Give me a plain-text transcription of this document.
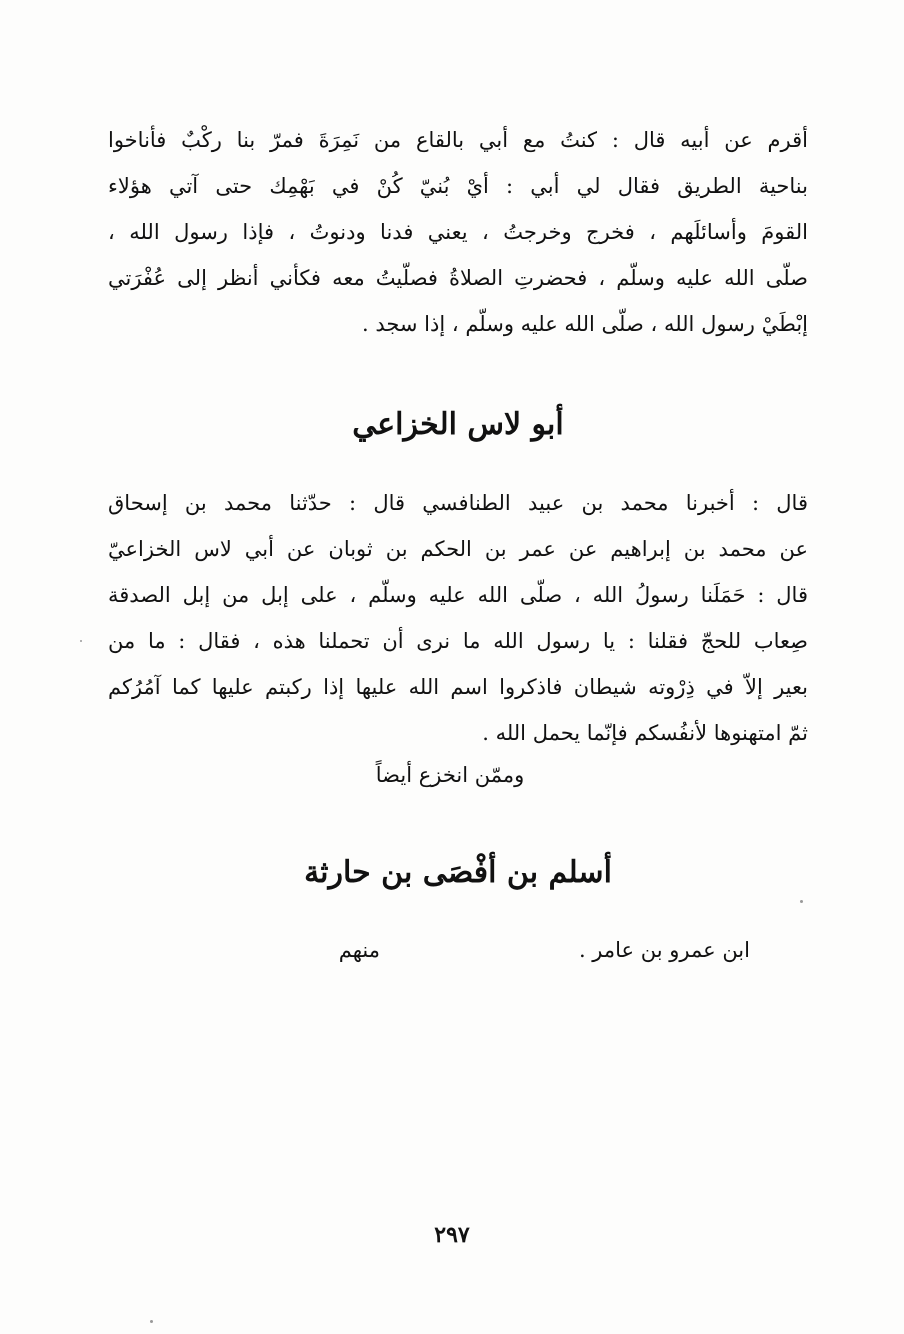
أقرم عن أبيه قال : كنتُ مع أبي بالقاع من نَمِرَةَ فمرّ بنا ركْبٌ فأناخوا
بناحية الطريق فقال لي أبي : أيْ بُنيّ كُنْ في بَهْمِك حتى آتي هؤلاء
القومَ وأسائلَهم ، فخرج وخرجتُ ، يعني فدنا ودنوتُ ، فإذا رسول الله ،
صلّى الله عليه وسلّم ، فحضرتِ الصلاةُ فصلّيتُ معه فكأني أنظر إلى عُفْرَتي
إبْطَيْ رسول الله ، صلّى الله عليه وسلّم ، إذا سجد .
أبو لاس الخزاعي
قال : أخبرنا محمد بن عبيد الطنافسي قال : حدّثنا محمد بن إسحاق
عن محمد بن إبراهيم عن عمر بن الحكم بن ثوبان عن أبي لاس الخزاعيّ
قال : حَمَلَنا رسولُ الله ، صلّى الله عليه وسلّم ، على إبل من إبل الصدقة
صِعاب للحجّ فقلنا : يا رسول الله ما نرى أن تحملنا هذه ، فقال : ما من
بعير إلاّ في ذِرْوته شيطان فاذكروا اسم الله عليها إذا ركبتم عليها كما آمُرُكم
ثمّ امتهنوها لأنفُسكم فإنّما يحمل الله .
وممّن انخزع أيضاً
أسلم بن أفْصَى بن حارثة
ابن عمرو بن عامر .
منهم
٢٩٧
